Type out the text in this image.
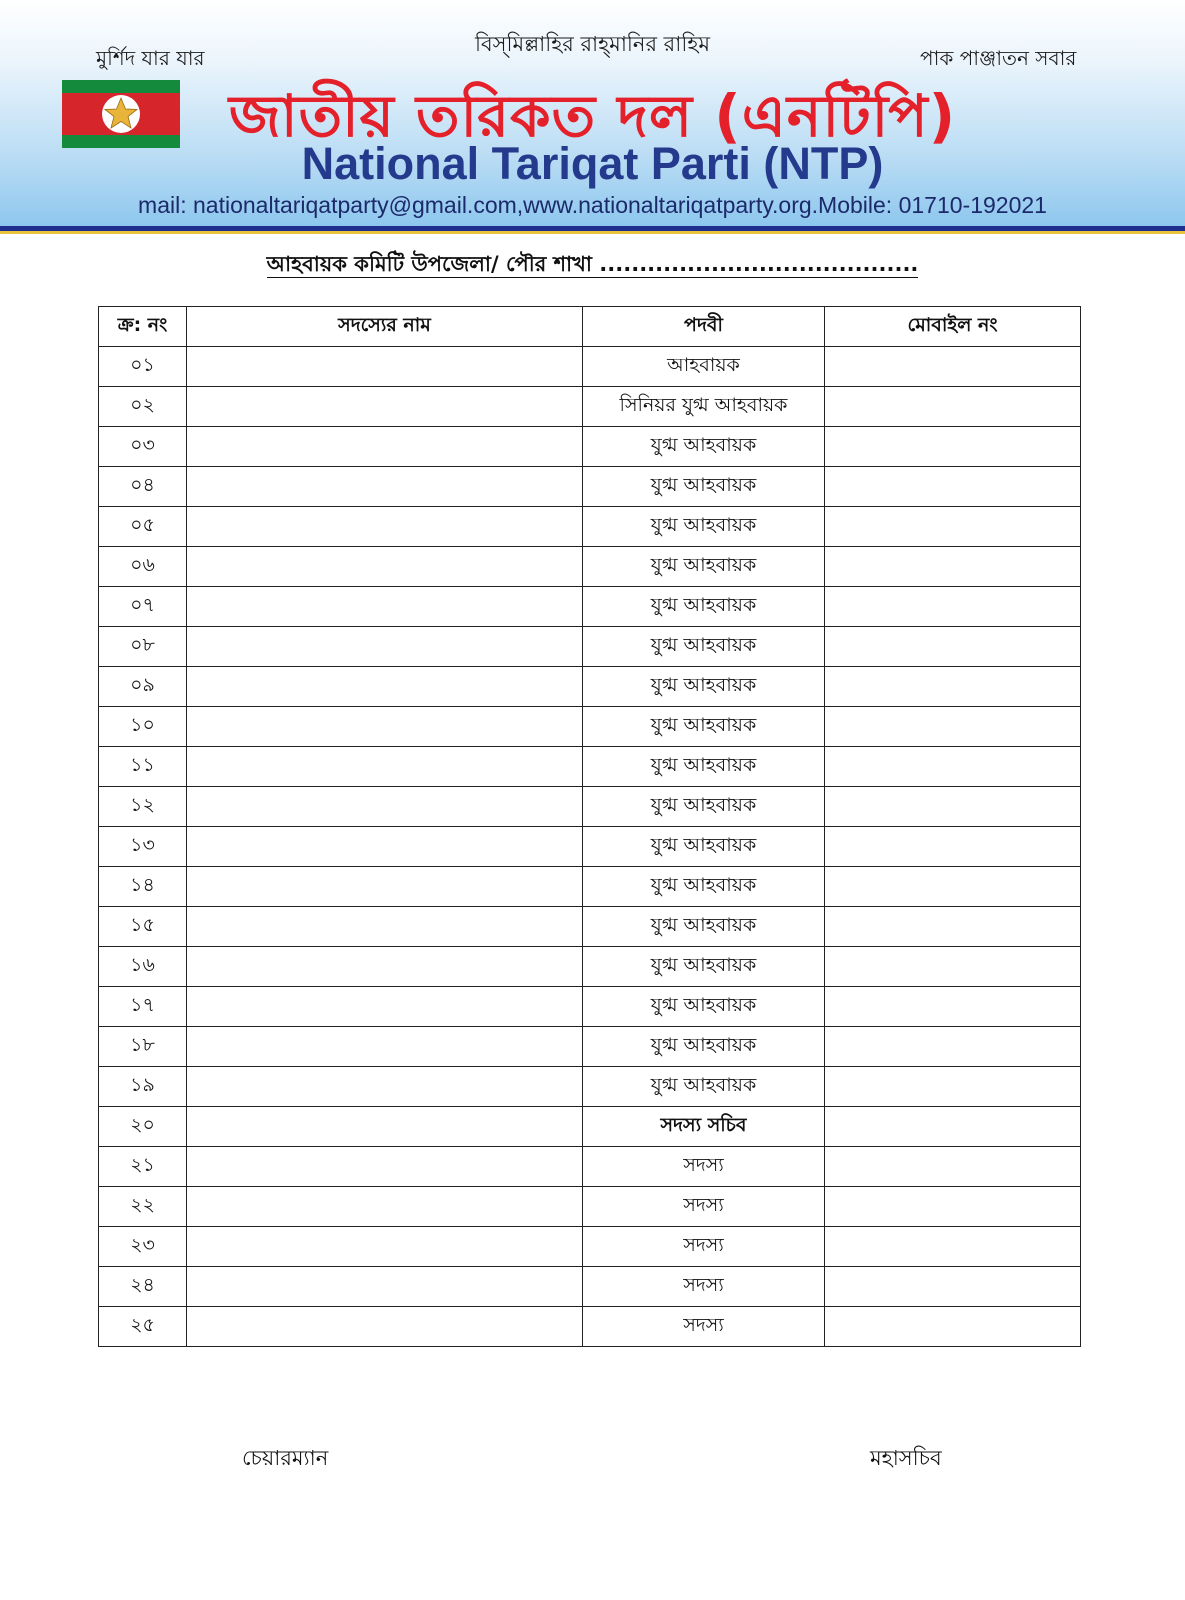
বিস্‌মিল্লাহির রাহ্‌মানির রাহিম
মুর্শিদ যার যার	পাক পাঞ্জাতন সবার
জাতীয় তরিকত দল (এনটিপি)
National Tariqat Parti (NTP)
mail: nationaltariqatparty@gmail.com,www.nationaltariqatparty.org.Mobile: 01710-192021
আহবায়ক কমিটি উপজেলা/ পৌর শাখা ........................................
ক্র: নং	সদস্যের নাম	পদবী	মোবাইল নং
০১		আহবায়ক	
০২		সিনিয়র যুগ্ম আহবায়ক	
০৩		যুগ্ম আহবায়ক	
০৪		যুগ্ম আহবায়ক	
০৫		যুগ্ম আহবায়ক	
০৬		যুগ্ম আহবায়ক	
০৭		যুগ্ম আহবায়ক	
০৮		যুগ্ম আহবায়ক	
০৯		যুগ্ম আহবায়ক	
১০		যুগ্ম আহবায়ক	
১১		যুগ্ম আহবায়ক	
১২		যুগ্ম আহবায়ক	
১৩		যুগ্ম আহবায়ক	
১৪		যুগ্ম আহবায়ক	
১৫		যুগ্ম আহবায়ক	
১৬		যুগ্ম আহবায়ক	
১৭		যুগ্ম আহবায়ক	
১৮		যুগ্ম আহবায়ক	
১৯		যুগ্ম আহবায়ক	
২০		সদস্য সচিব	
২১		সদস্য	
২২		সদস্য	
২৩		সদস্য	
২৪		সদস্য	
২৫		সদস্য	
চেয়ারম্যান	মহাসচিব
